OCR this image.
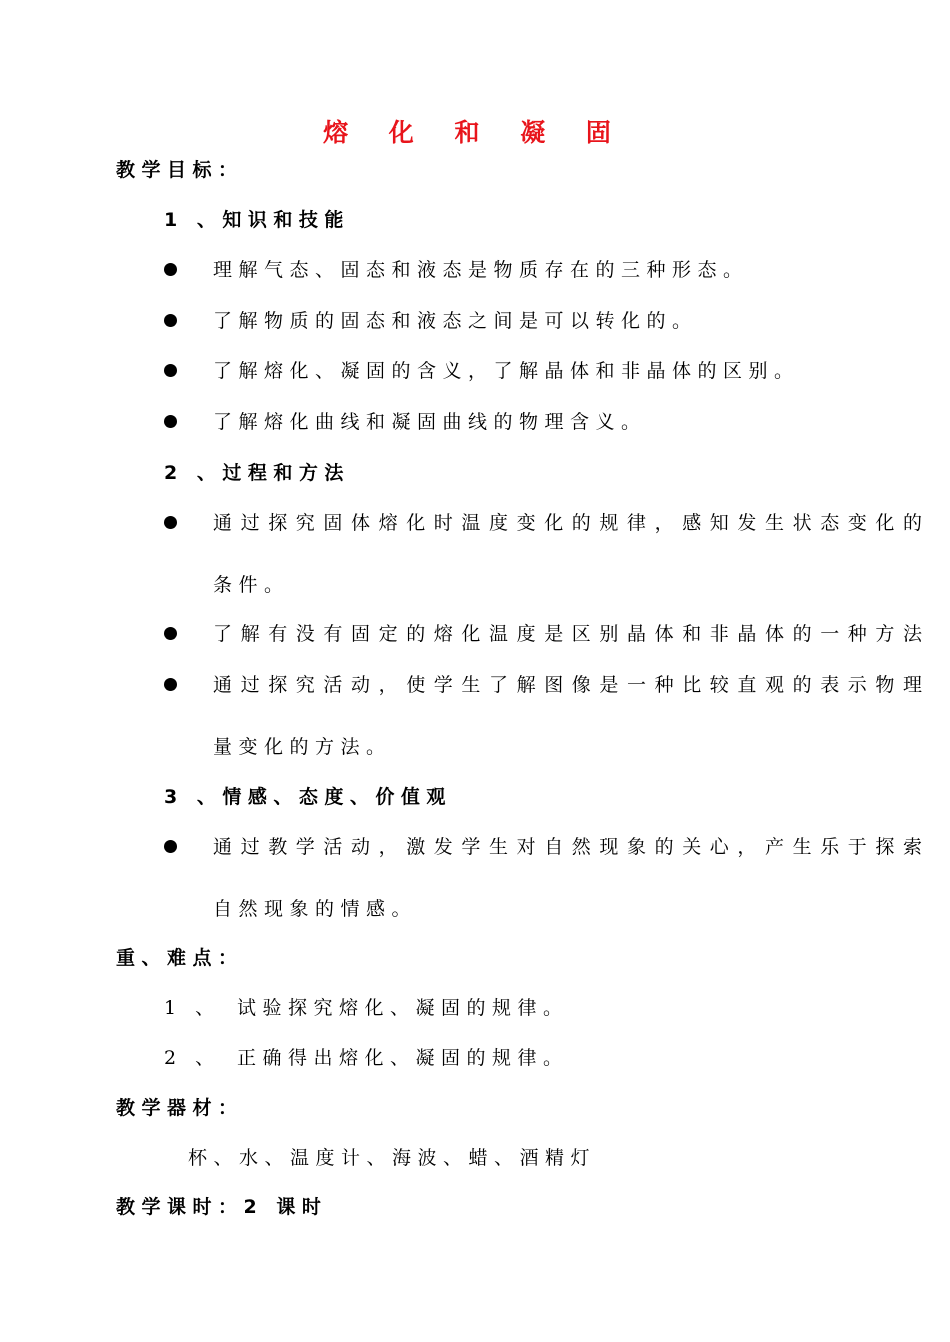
熔 化 和 凝 固
教学目标：
1 、知识和技能
理解气态、固态和液态是物质存在的三种形态。
了解物质的固态和液态之间是可以转化的。
了解熔化、凝固的含义，了解晶体和非晶体的区别。
了解熔化曲线和凝固曲线的物理含义。
2 、过程和方法
通过探究固体熔化时温度变化的规律，感知发生状态变化的
条件。
了解有没有固定的熔化温度是区别晶体和非晶体的一种方法
通过探究活动，使学生了解图像是一种比较直观的表示物理
量变化的方法。
3 、情感、态度、价值观
通过教学活动，激发学生对自然现象的关心，产生乐于探索
自然现象的情感。
重、难点：
1 、 试验探究熔化、凝固的规律。
2 、 正确得出熔化、凝固的规律。
教学器材：
杯、水、温度计、海波、蜡、酒精灯
教学课时：2 课时
